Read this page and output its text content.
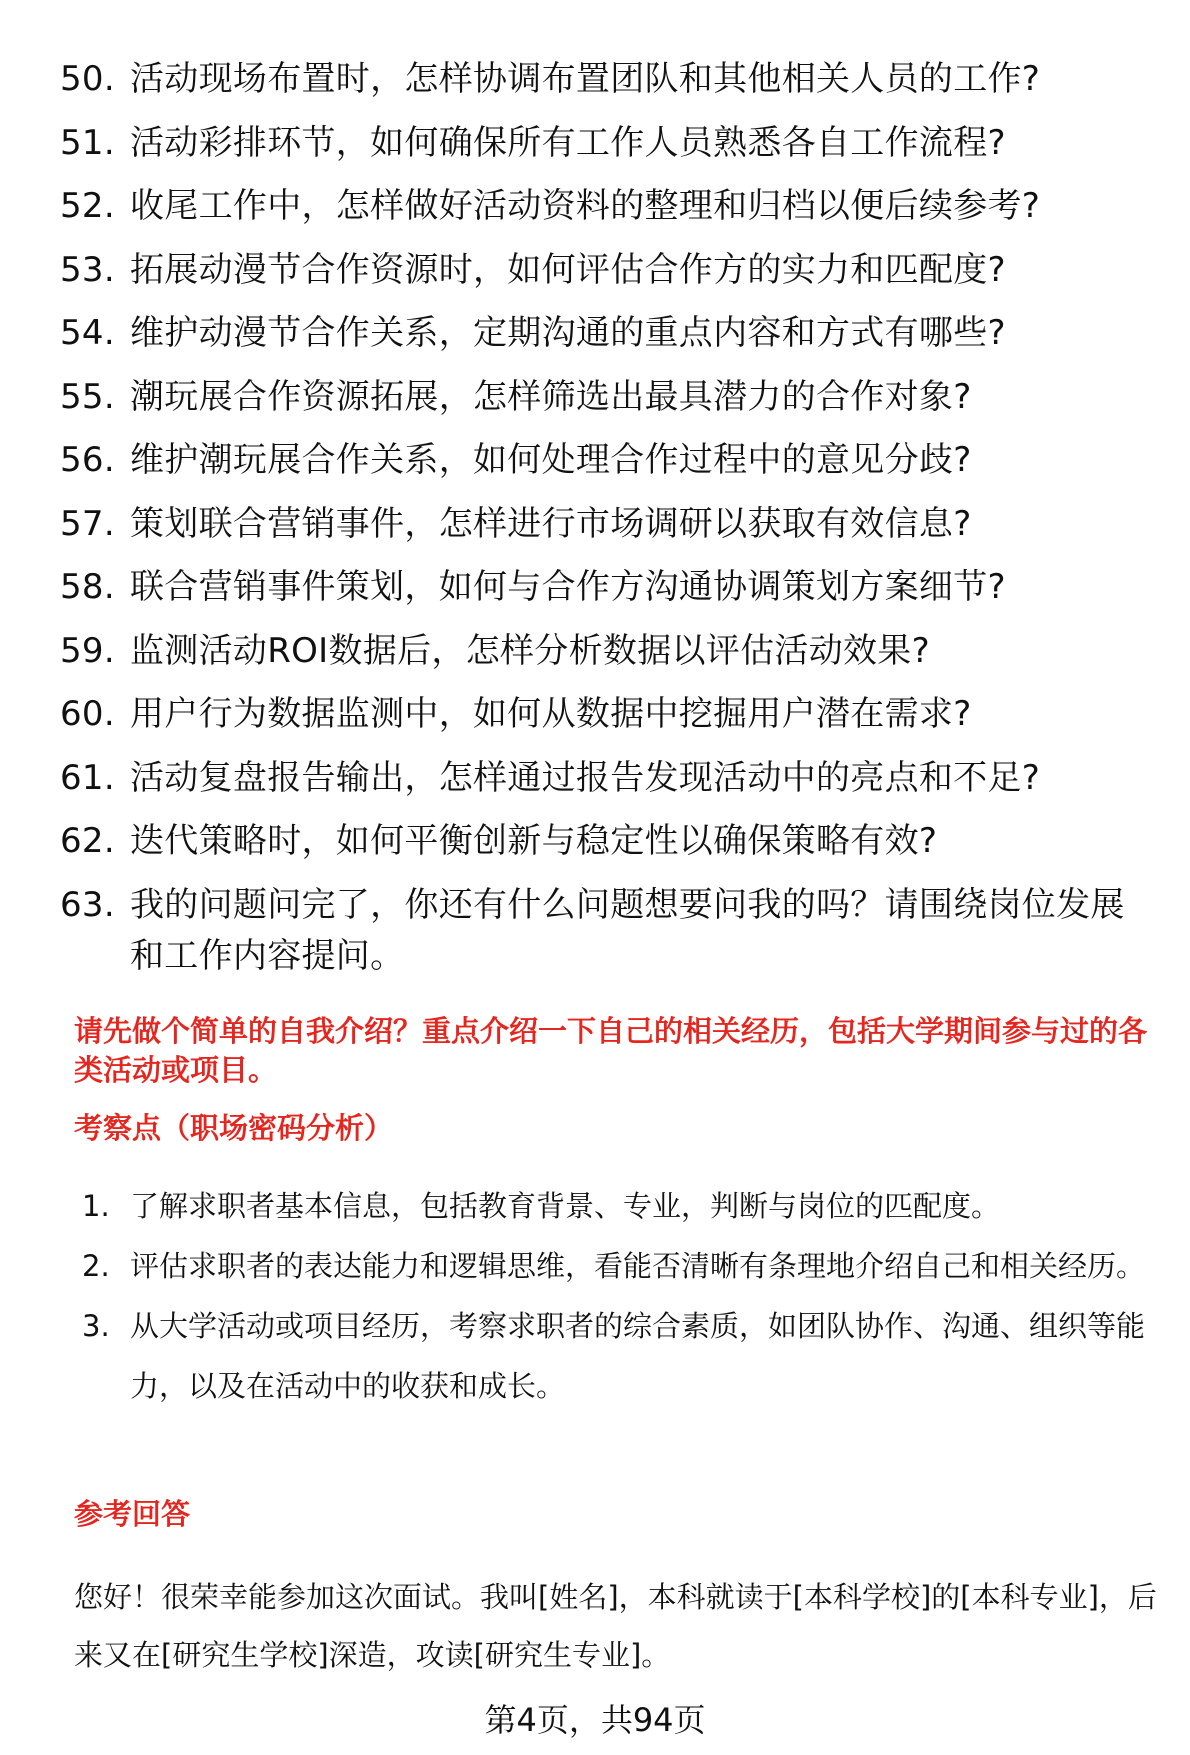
50. 活动现场布置时，怎样协调布置团队和其他相关人员的工作?
51. 活动彩排环节，如何确保所有工作人员熟悉各自工作流程?
52. 收尾工作中，怎样做好活动资料的整理和归档以便后续参考?
53. 拓展动漫节合作资源时，如何评估合作方的实力和匹配度?
54. 维护动漫节合作关系，定期沟通的重点内容和方式有哪些?
55. 潮玩展合作资源拓展，怎样筛选出最具潜力的合作对象?
56. 维护潮玩展合作关系，如何处理合作过程中的意见分歧?
57. 策划联合营销事件，怎样进行市场调研以获取有效信息?
58. 联合营销事件策划，如何与合作方沟通协调策划方案细节?
59. 监测活动ROI数据后，怎样分析数据以评估活动效果?
60. 用户行为数据监测中，如何从数据中挖掘用户潜在需求?
61. 活动复盘报告输出，怎样通过报告发现活动中的亮点和不足?
62. 迭代策略时，如何平衡创新与稳定性以确保策略有效?
63. 我的问题问完了，你还有什么问题想要问我的吗？请围绕岗位发展和工作内容提问。
请先做个简单的自我介绍？重点介绍一下自己的相关经历，包括大学期间参与过的各类活动或项目。
考察点（职场密码分析）
1. 了解求职者基本信息，包括教育背景、专业，判断与岗位的匹配度。
2. 评估求职者的表达能力和逻辑思维，看能否清晰有条理地介绍自己和相关经历。
3. 从大学活动或项目经历，考察求职者的综合素质，如团队协作、沟通、组织等能力，以及在活动中的收获和成长。
参考回答
您好！很荣幸能参加这次面试。我叫[姓名]，本科就读于[本科学校]的[本科专业]，后来又在[研究生学校]深造，攻读[研究生专业]。
第4页，共94页
